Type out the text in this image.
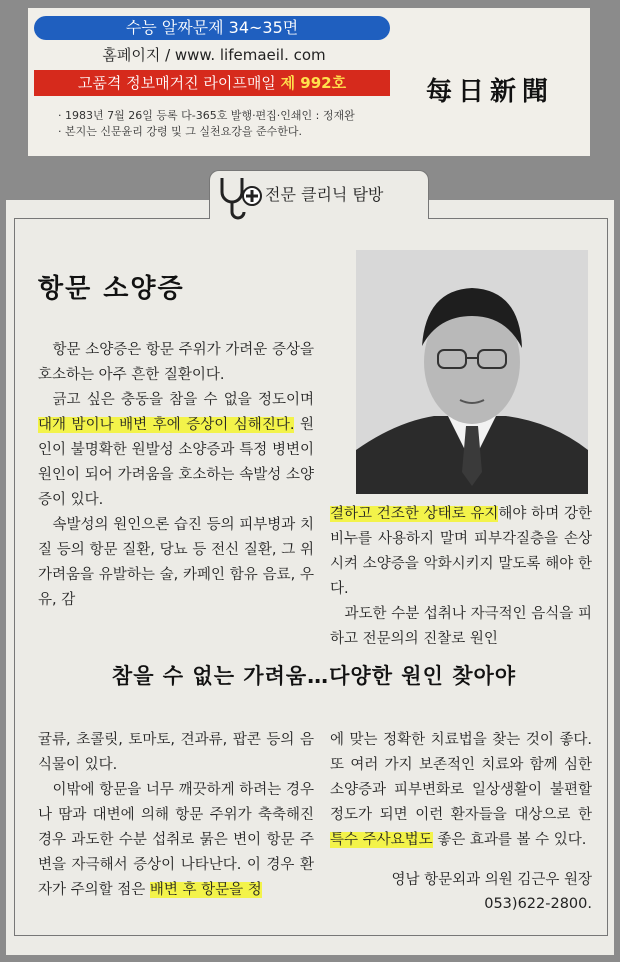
수능 알짜문제 34~35면
홈페이지 / www. lifemaeil. com
고품격 정보매거진 라이프매일 제 992호	每日新聞
· 1983년 7월 26일 등록 다-365호 발행·편집·인쇄인 : 정재완
· 본지는 신문윤리 강령 및 그 실천요강을 준수한다.
전문 클리닉 탐방
항문 소양증

항문 소양증은 항문 주위가 가려운 증상을 호소하는 아주 흔한 질환이다.

긁고 싶은 충동을 참을 수 없을 정도이며 대개 밤이나 배변 후에 증상이 심해진다. 원인이 불명확한 원발성 소양증과 특정 병변이 원인이 되어 가려움을 호소하는 속발성 소양증이 있다.

속발성의 원인으론 습진 등의 피부병과 치질 등의 항문 질환, 당뇨 등 전신 질환, 그 위 가려움을 유발하는 술, 카페인 함유 음료, 우유, 감

결하고 건조한 상태로 유지해야 하며 강한 비누를 사용하지 말며 피부각질층을 손상시켜 소양증을 악화시키지 말도록 해야 한다.

과도한 수분 섭취나 자극적인 음식을 피하고 전문의의 진찰로 원인

참을 수 없는 가려움…다양한 원인 찾아야

귤류, 초콜릿, 토마토, 견과류, 팝콘 등의 음식물이 있다.

이밖에 항문을 너무 깨끗하게 하려는 경우나 땀과 대변에 의해 항문 주위가 축축해진 경우 과도한 수분 섭취로 묽은 변이 항문 주변을 자극해서 증상이 나타난다. 이 경우 환자가 주의할 점은 배변 후 항문을 청

에 맞는 정확한 치료법을 찾는 것이 좋다. 또 여러 가지 보존적인 치료와 함께 심한 소양증과 피부변화로 일상생활이 불편할 정도가 되면 이런 환자들을 대상으로 한 특수 주사요법도 좋은 효과를 볼 수 있다.

영남 항문외과 의원 김근우 원장
053)622-2800.
